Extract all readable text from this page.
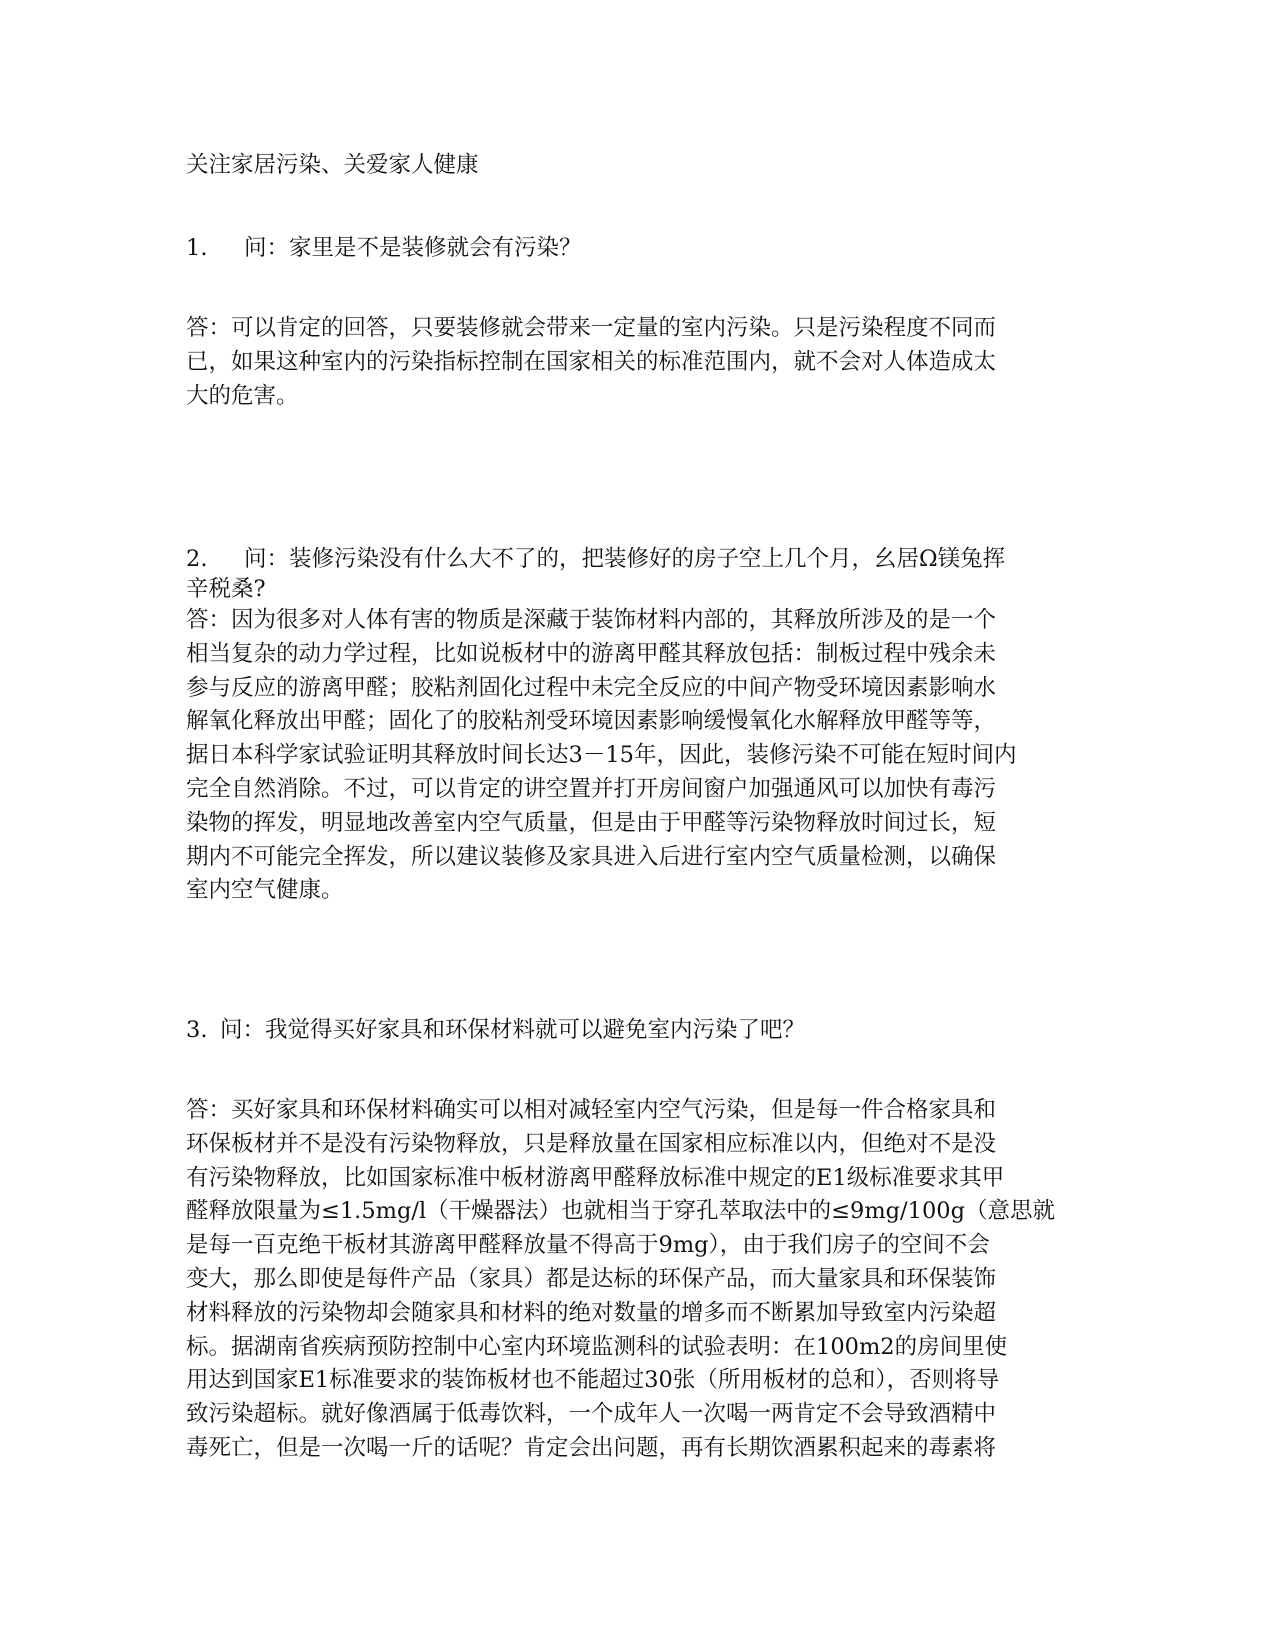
关注家居污染、关爱家人健康
1. 问：家里是不是装修就会有污染？

答：可以肯定的回答，只要装修就会带来一定量的室内污染。只是污染程度不同而

已，如果这种室内的污染指标控制在国家相关的标准范围内，就不会对人体造成太

大的危害。

2. 问：装修污染没有什么大不了的，把装修好的房子空上几个月，幺居Ω镁兔挥
辛税桑?

答：因为很多对人体有害的物质是深藏于装饰材料内部的，其释放所涉及的是一个

相当复杂的动力学过程，比如说板材中的游离甲醛其释放包括：制板过程中残余未

参与反应的游离甲醛；胶粘剂固化过程中未完全反应的中间产物受环境因素影响水

解氧化释放出甲醛；固化了的胶粘剂受环境因素影响缓慢氧化水解释放甲醛等等，

据日本科学家试验证明其释放时间长达3－15年，因此，装修污染不可能在短时间内

完全自然消除。不过，可以肯定的讲空置并打开房间窗户加强通风可以加快有毒污

染物的挥发，明显地改善室内空气质量，但是由于甲醛等污染物释放时间过长，短

期内不可能完全挥发，所以建议装修及家具进入后进行室内空气质量检测，以确保

室内空气健康。

3. 问：我觉得买好家具和环保材料就可以避免室内污染了吧？

答：买好家具和环保材料确实可以相对减轻室内空气污染，但是每一件合格家具和

环保板材并不是没有污染物释放，只是释放量在国家相应标准以内，但绝对不是没

有污染物释放，比如国家标准中板材游离甲醛释放标准中规定的E1级标准要求其甲

醛释放限量为≤1.5mg/l（干燥器法）也就相当于穿孔萃取法中的≤9mg/100g（意思就

是每一百克绝干板材其游离甲醛释放量不得高于9mg），由于我们房子的空间不会

变大，那么即使是每件产品（家具）都是达标的环保产品，而大量家具和环保装饰

材料释放的污染物却会随家具和材料的绝对数量的增多而不断累加导致室内污染超

标。据湖南省疾病预防控制中心室内环境监测科的试验表明：在100m2的房间里使

用达到国家E1标准要求的装饰板材也不能超过30张（所用板材的总和），否则将导

致污染超标。就好像酒属于低毒饮料，一个成年人一次喝一两肯定不会导致酒精中

毒死亡，但是一次喝一斤的话呢？肯定会出问题，再有长期饮酒累积起来的毒素将
